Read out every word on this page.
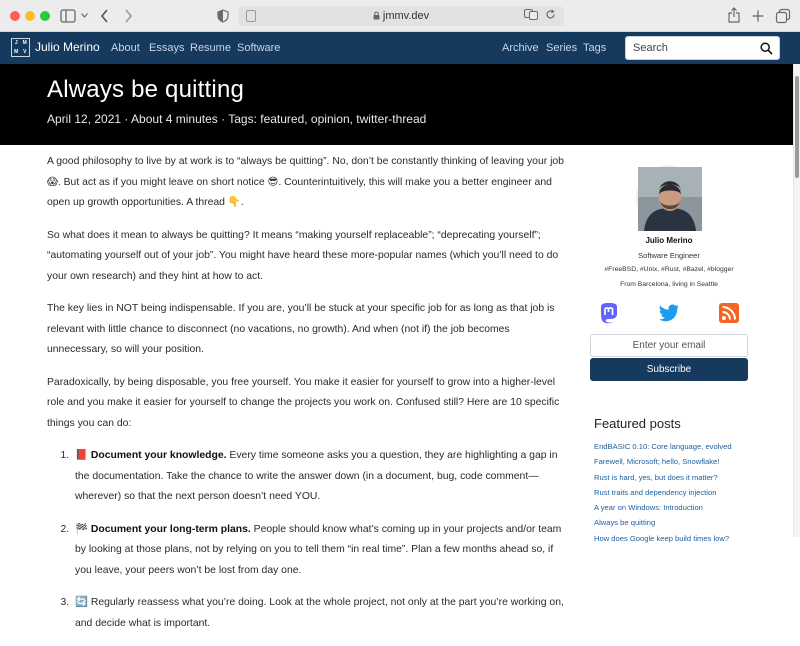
jmmv.dev

J	M
M V Julio Merino About Essays Resume Software	Archive Series Tags
Search
Always be quitting
April 12, 2021 · About 4 minutes · Tags: featured, opinion, twitter-thread

A good philosophy to live by at work is to “always be quitting”. No, don’t be constantly thinking of leaving your job 😱. But act as if you might leave on short notice 😎. Counterintuitively, this will make you a better engineer and open up growth opportunities. A thread 👇.

So what does it mean to always be quitting? It means “making yourself replaceable”; “deprecating yourself”; “automating yourself out of your job”. You might have heard these more-popular names (which you’ll need to do your own research) and they hint at how to act.

The key lies in NOT being indispensable. If you are, you’ll be stuck at your specific job for as long as that job is relevant with little chance to disconnect (no vacations, no growth). And when (not if) the job becomes unnecessary, so will your position.

Paradoxically, by being disposable, you free yourself. You make it easier for yourself to grow into a higher-level role and you make it easier for yourself to change the projects you work on. Confused still? Here are 10 specific things you can do:

1. 📕 Document your knowledge. Every time someone asks you a question, they are highlighting a gap in the documentation. Take the chance to write the answer down (in a document, bug, code comment—wherever) so that the next person doesn’t need YOU.
2. 🏁 Document your long-term plans. People should know what’s coming up in your projects and/or team by looking at those plans, not by relying on you to tell them “in real time”. Plan a few months ahead so, if you leave, your peers won’t be lost from day one.
3. 🔄 Regularly reassess what you’re doing. Look at the whole project, not only at the part you’re working on, and decide what is important.
Julio Merino
Software Engineer
#FreeBSD, #Unix, #Rust, #Bazel, #blogger
From Barcelona, living in Seattle
Enter your email
Subscribe
Featured posts
EndBASIC 0.10: Core language, evolved
Farewell, Microsoft; hello, Snowflake!
Rust is hard, yes, but does it matter?
Rust traits and dependency injection
A year on Windows: Introduction
Always be quitting
How does Google keep build times low?
